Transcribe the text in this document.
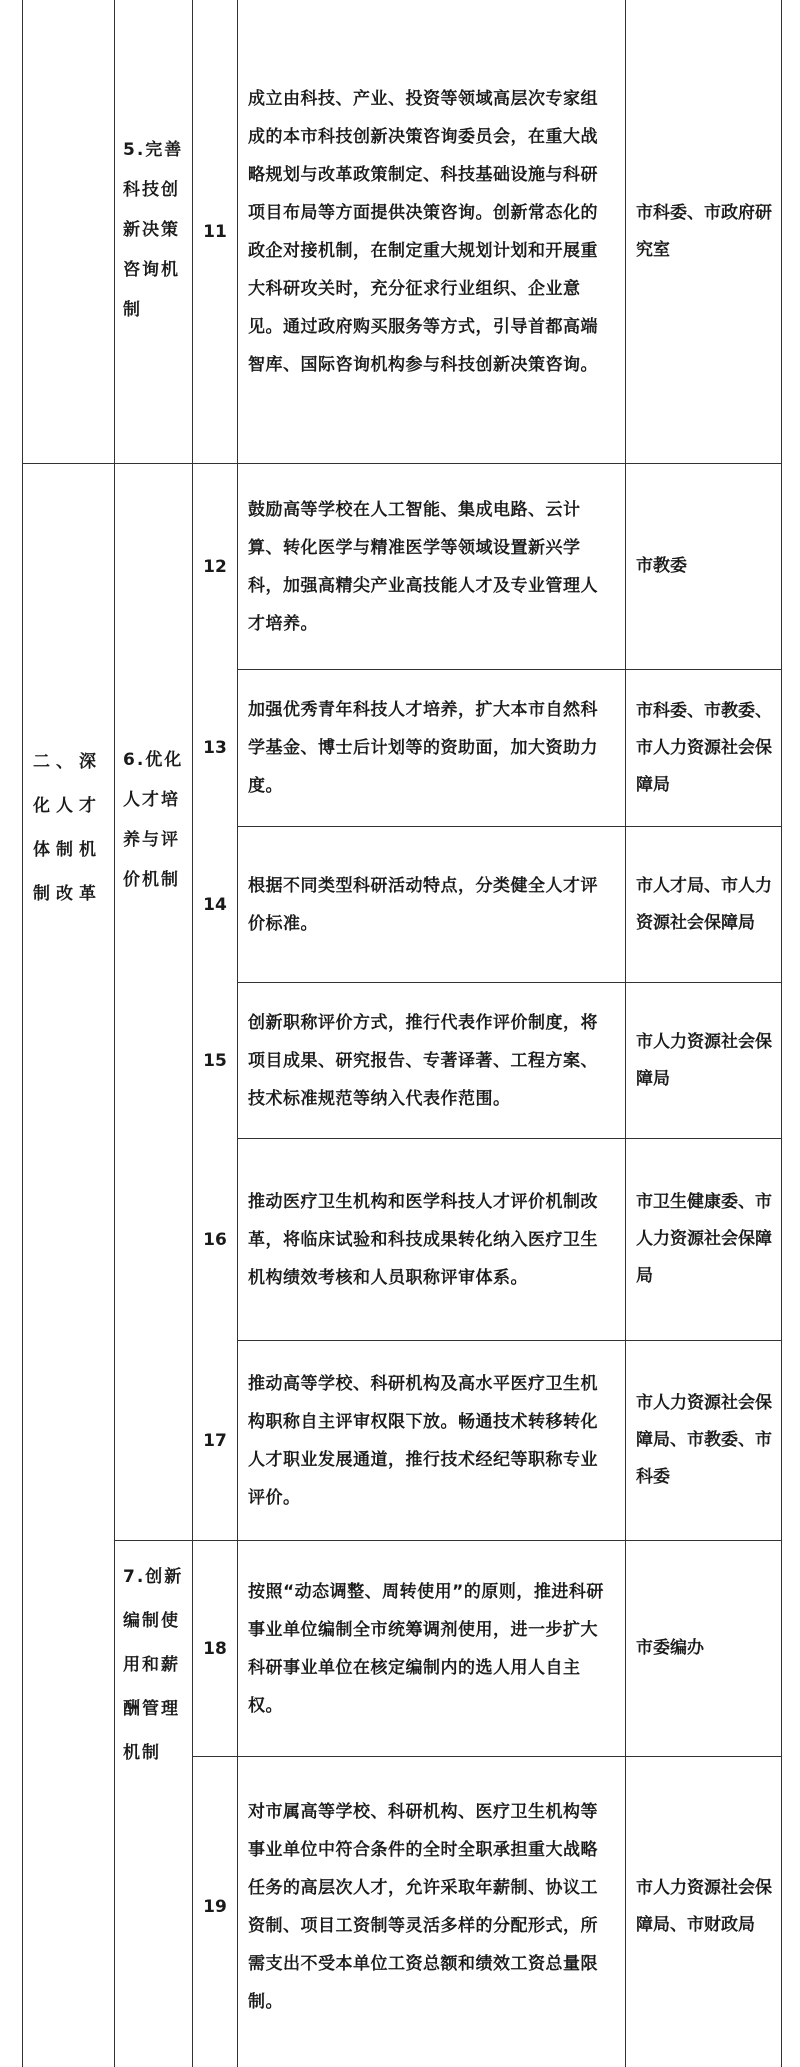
二、深化人才体制机制改革
5.完善科技创新决策咨询机制
6.优化人才培养与评价机制
7.创新编制使用和薪酬管理机制
11
成立由科技、产业、投资等领域高层次专家组成的本市科技创新决策咨询委员会，在重大战略规划与改革政策制定、科技基础设施与科研项目布局等方面提供决策咨询。创新常态化的政企对接机制，在制定重大规划计划和开展重大科研攻关时，充分征求行业组织、企业意见。通过政府购买服务等方式，引导首都高端智库、国际咨询机构参与科技创新决策咨询。
市科委、市政府研究室
12
鼓励高等学校在人工智能、集成电路、云计算、转化医学与精准医学等领域设置新兴学科，加强高精尖产业高技能人才及专业管理人才培养。
市教委
13
加强优秀青年科技人才培养，扩大本市自然科学基金、博士后计划等的资助面，加大资助力度。
市科委、市教委、市人力资源社会保障局
14
根据不同类型科研活动特点，分类健全人才评价标准。
市人才局、市人力资源社会保障局
15
创新职称评价方式，推行代表作评价制度，将项目成果、研究报告、专著译著、工程方案、技术标准规范等纳入代表作范围。
市人力资源社会保障局
16
推动医疗卫生机构和医学科技人才评价机制改革，将临床试验和科技成果转化纳入医疗卫生机构绩效考核和人员职称评审体系。
市卫生健康委、市人力资源社会保障局
17
推动高等学校、科研机构及高水平医疗卫生机构职称自主评审权限下放。畅通技术转移转化人才职业发展通道，推行技术经纪等职称专业评价。
市人力资源社会保障局、市教委、市科委
18
按照“动态调整、周转使用”的原则，推进科研事业单位编制全市统筹调剂使用，进一步扩大科研事业单位在核定编制内的选人用人自主权。
市委编办
19
对市属高等学校、科研机构、医疗卫生机构等事业单位中符合条件的全时全职承担重大战略任务的高层次人才，允许采取年薪制、协议工资制、项目工资制等灵活多样的分配形式，所需支出不受本单位工资总额和绩效工资总量限制。
市人力资源社会保障局、市财政局
